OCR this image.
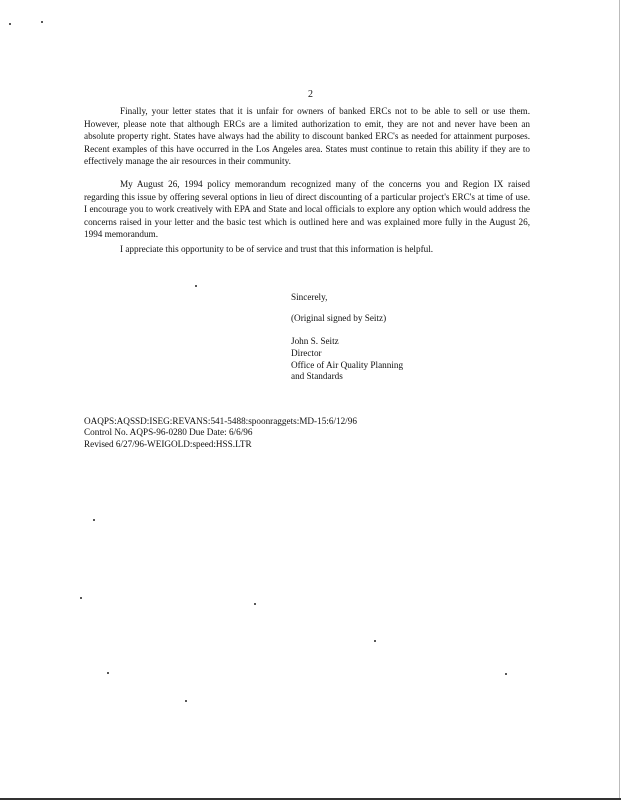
2

Finally, your letter states that it is unfair for owners of banked ERCs not to be able to sell or use them. However, please note that although ERCs are a limited authorization to emit, they are not and never have been an absolute property right. States have always had the ability to discount banked ERC's as needed for attainment purposes. Recent examples of this have occurred in the Los Angeles area. States must continue to retain this ability if they are to effectively manage the air resources in their community.

My August 26, 1994 policy memorandum recognized many of the concerns you and Region IX raised regarding this issue by offering several options in lieu of direct discounting of a particular project's ERC's at time of use. I encourage you to work creatively with EPA and State and local officials to explore any option which would address the concerns raised in your letter and the basic test which is outlined here and was explained more fully in the August 26, 1994 memorandum.

I appreciate this opportunity to be of service and trust that this information is helpful.

Sincerely,
(Original signed by Seitz)
John S. Seitz
Director
Office of Air Quality Planning
and Standards
OAQPS:AQSSD:ISEG:REVANS:541-5488:spoonraggets:MD-15:6/12/96
Control No. AQPS-96-0280 Due Date: 6/6/96
Revised 6/27/96-WEIGOLD:speed:HSS.LTR
